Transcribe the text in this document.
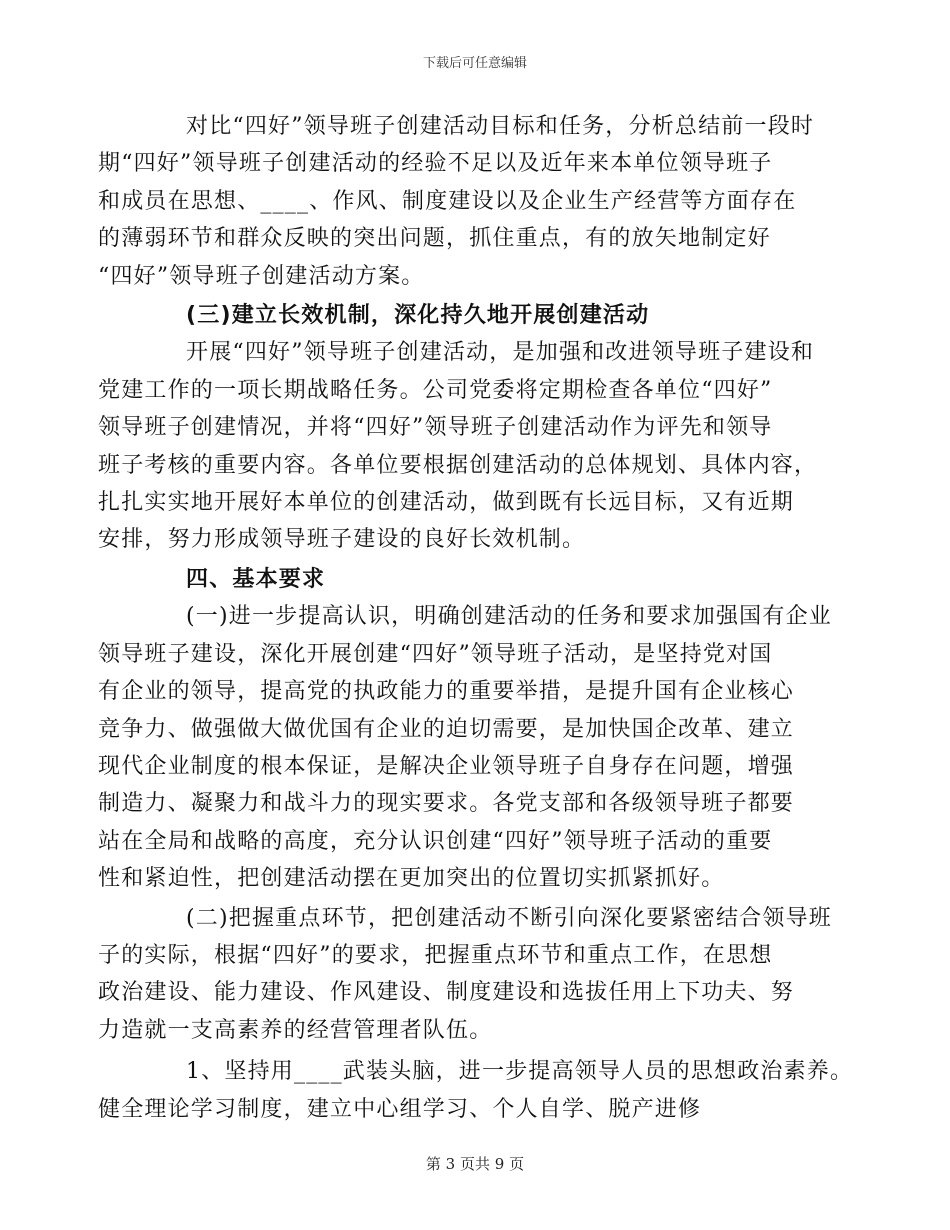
下载后可任意编辑

对比“四好”领导班子创建活动目标和任务，分析总结前一段时
期“四好”领导班子创建活动的经验不足以及近年来本单位领导班子
和成员在思想、____、作风、制度建设以及企业生产经营等方面存在
的薄弱环节和群众反映的突出问题，抓住重点，有的放矢地制定好
“四好”领导班子创建活动方案。

(三)建立长效机制，深化持久地开展创建活动

开展“四好”领导班子创建活动，是加强和改进领导班子建设和
党建工作的一项长期战略任务。公司党委将定期检查各单位“四好”
领导班子创建情况，并将“四好”领导班子创建活动作为评先和领导
班子考核的重要内容。各单位要根据创建活动的总体规划、具体内容，
扎扎实实地开展好本单位的创建活动，做到既有长远目标，又有近期
安排，努力形成领导班子建设的良好长效机制。

四、基本要求

(一)进一步提高认识，明确创建活动的任务和要求加强国有企业
领导班子建设，深化开展创建“四好”领导班子活动，是坚持党对国
有企业的领导，提高党的执政能力的重要举措，是提升国有企业核心
竞争力、做强做大做优国有企业的迫切需要，是加快国企改革、建立
现代企业制度的根本保证，是解决企业领导班子自身存在问题，增强
制造力、凝聚力和战斗力的现实要求。各党支部和各级领导班子都要
站在全局和战略的高度，充分认识创建“四好”领导班子活动的重要
性和紧迫性，把创建活动摆在更加突出的位置切实抓紧抓好。

(二)把握重点环节，把创建活动不断引向深化要紧密结合领导班
子的实际，根据“四好”的要求，把握重点环节和重点工作，在思想
政治建设、能力建设、作风建设、制度建设和选拔任用上下功夫、努
力造就一支高素养的经营管理者队伍。

1、坚持用____武装头脑，进一步提高领导人员的思想政治素养。
健全理论学习制度，建立中心组学习、个人自学、脱产进修

第 3 页共 9 页
